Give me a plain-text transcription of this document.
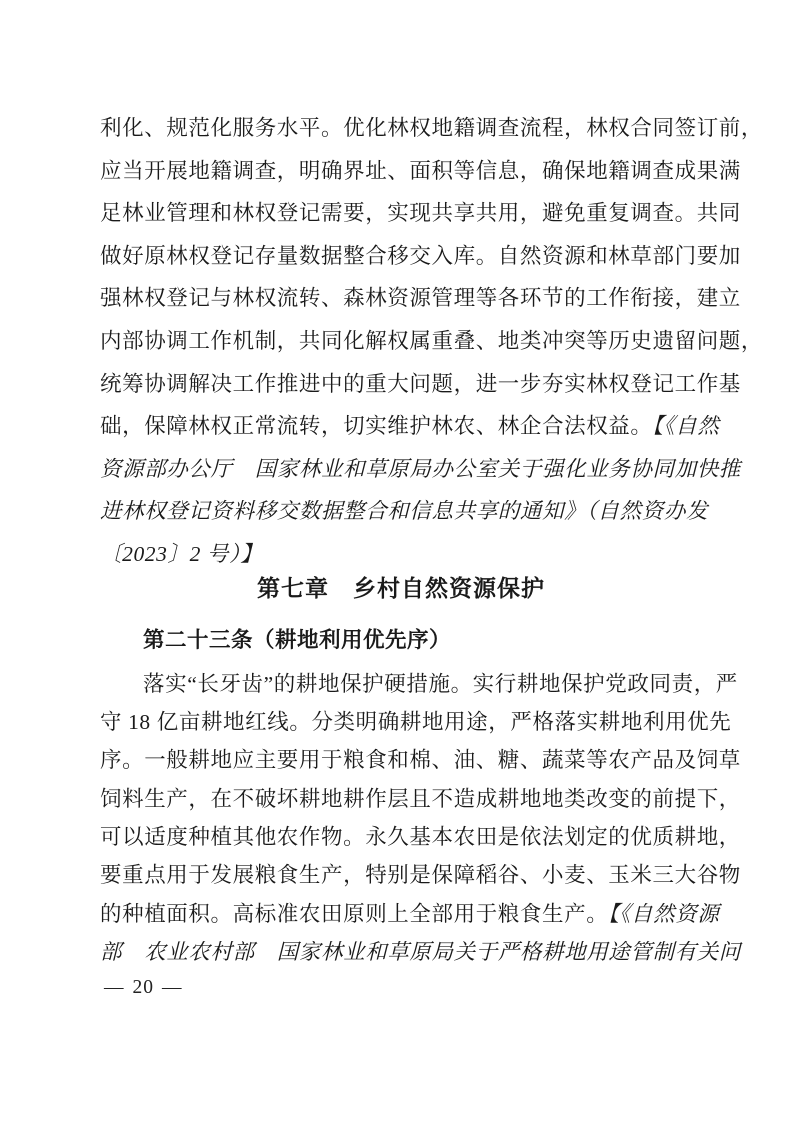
利化、规范化服务水平。优化林权地籍调查流程，林权合同签订前，
应当开展地籍调查，明确界址、面积等信息，确保地籍调查成果满
足林业管理和林权登记需要，实现共享共用，避免重复调查。共同
做好原林权登记存量数据整合移交入库。自然资源和林草部门要加
强林权登记与林权流转、森林资源管理等各环节的工作衔接，建立
内部协调工作机制，共同化解权属重叠、地类冲突等历史遗留问题，
统筹协调解决工作推进中的重大问题，进一步夯实林权登记工作基
础，保障林权正常流转，切实维护林农、林企合法权益。【《自然
资源部办公厅　国家林业和草原局办公室关于强化业务协同加快推
进林权登记资料移交数据整合和信息共享的通知》（自然资办发
〔2023〕2 号）】
第七章　乡村自然资源保护
第二十三条（耕地利用优先序）
落实“长牙齿”的耕地保护硬措施。实行耕地保护党政同责，严
守 18 亿亩耕地红线。分类明确耕地用途，严格落实耕地利用优先
序。一般耕地应主要用于粮食和棉、油、糖、蔬菜等农产品及饲草
饲料生产，在不破坏耕地耕作层且不造成耕地地类改变的前提下，
可以适度种植其他农作物。永久基本农田是依法划定的优质耕地，
要重点用于发展粮食生产，特别是保障稻谷、小麦、玉米三大谷物
的种植面积。高标准农田原则上全部用于粮食生产。【《自然资源
部　农业农村部　国家林业和草原局关于严格耕地用途管制有关问
— 20 —
